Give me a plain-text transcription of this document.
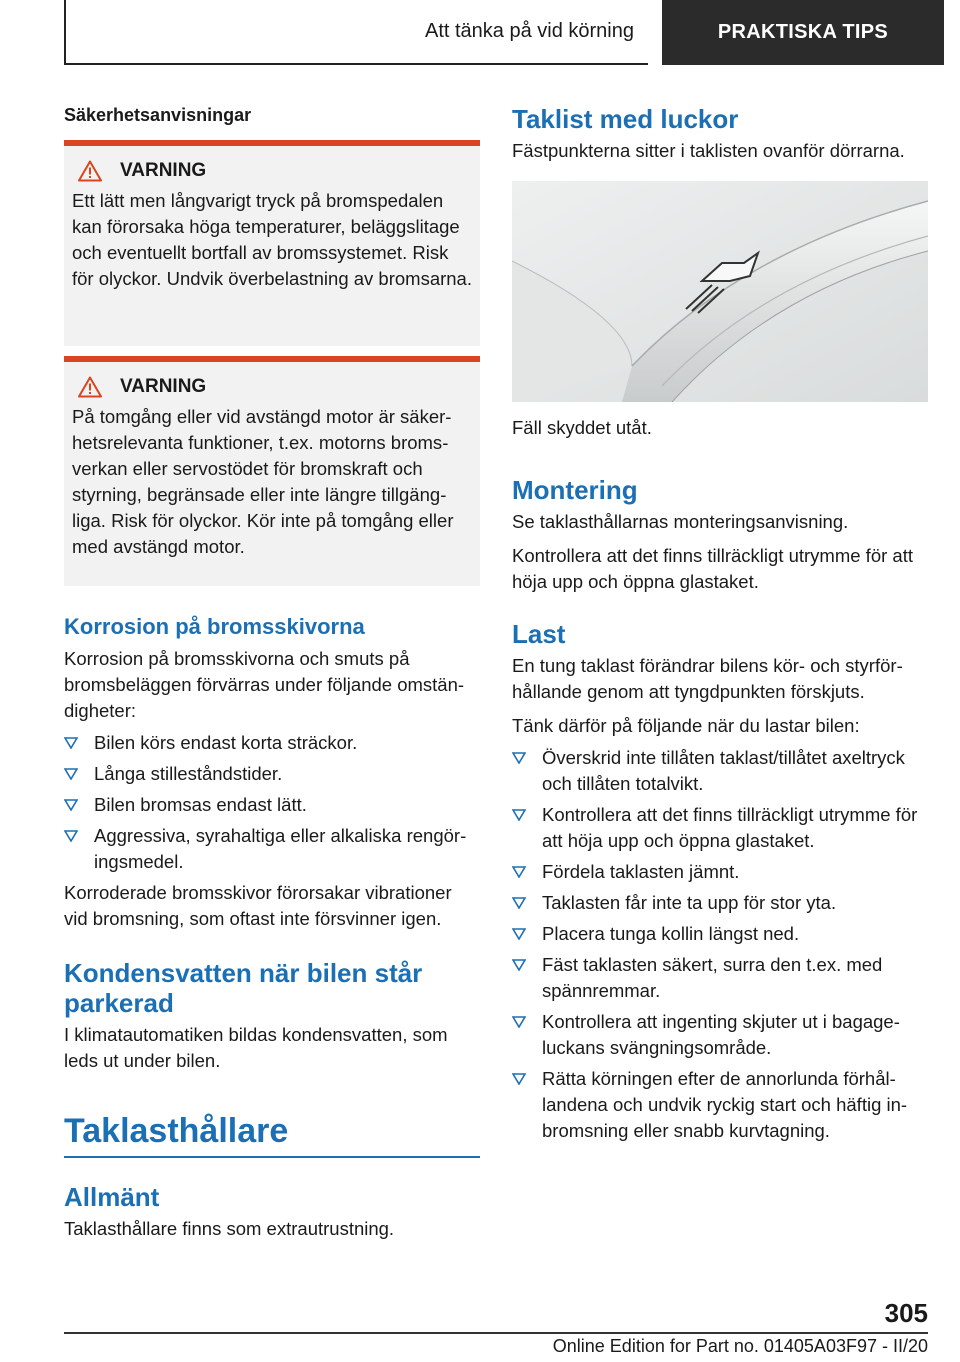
Att tänka på vid körning	PRAKTISKA TIPS
Säkerhetsanvisningar
VARNING

Ett lätt men långvarigt tryck på bromspedalen kan förorsaka höga temperaturer, beläggslitage och eventuellt bortfall av bromssystemet. Risk för olyckor. Undvik överbelastning av bromsarna.

VARNING

På tomgång eller vid avstängd motor är säkerhetsrelevanta funktioner, t.ex. motorns bromsverkan eller servostödet för bromskraft och styrning, begränsade eller inte längre tillgängliga. Risk för olyckor. Kör inte på tomgång eller med avstängd motor.

Korrosion på bromsskivorna

Korrosion på bromsskivorna och smuts på bromsbeläggen förvärras under följande omständigheter:

Bilen körs endast korta sträckor.
Långa stilleståndstider.
Bilen bromsas endast lätt.
Aggressiva, syrahaltiga eller alkaliska rengöringsmedel.

Korroderade bromsskivor förorsakar vibrationer vid bromsning, som oftast inte försvinner igen.

Kondensvatten när bilen står parkerad

I klimatautomatiken bildas kondensvatten, som leds ut under bilen.

Taklasthållare
Allmänt

Taklasthållare finns som extrautrustning.

Taklist med luckor

Fästpunkterna sitter i taklisten ovanför dörrarna.

Fäll skyddet utåt.

Montering

Se taklasthållarnas monteringsanvisning.

Kontrollera att det finns tillräckligt utrymme för att höja upp och öppna glastaket.

Last

En tung taklast förändrar bilens kör- och styrförhållande genom att tyngdpunkten förskjuts.

Tänk därför på följande när du lastar bilen:

Överskrid inte tillåten taklast/tillåtet axeltryck och tillåten totalvikt.
Kontrollera att det finns tillräckligt utrymme för att höja upp och öppna glastaket.
Fördela taklasten jämnt.
Taklasten får inte ta upp för stor yta.
Placera tunga kollin längst ned.
Fäst taklasten säkert, surra den t.ex. med spännremmar.
Kontrollera att ingenting skjuter ut i bagageluckans svängningsområde.
Rätta körningen efter de annorlunda förhållandena och undvik ryckig start och häftig inbromsning eller snabb kurvtagning.
305
Online Edition for Part no. 01405A03F97 - II/20
